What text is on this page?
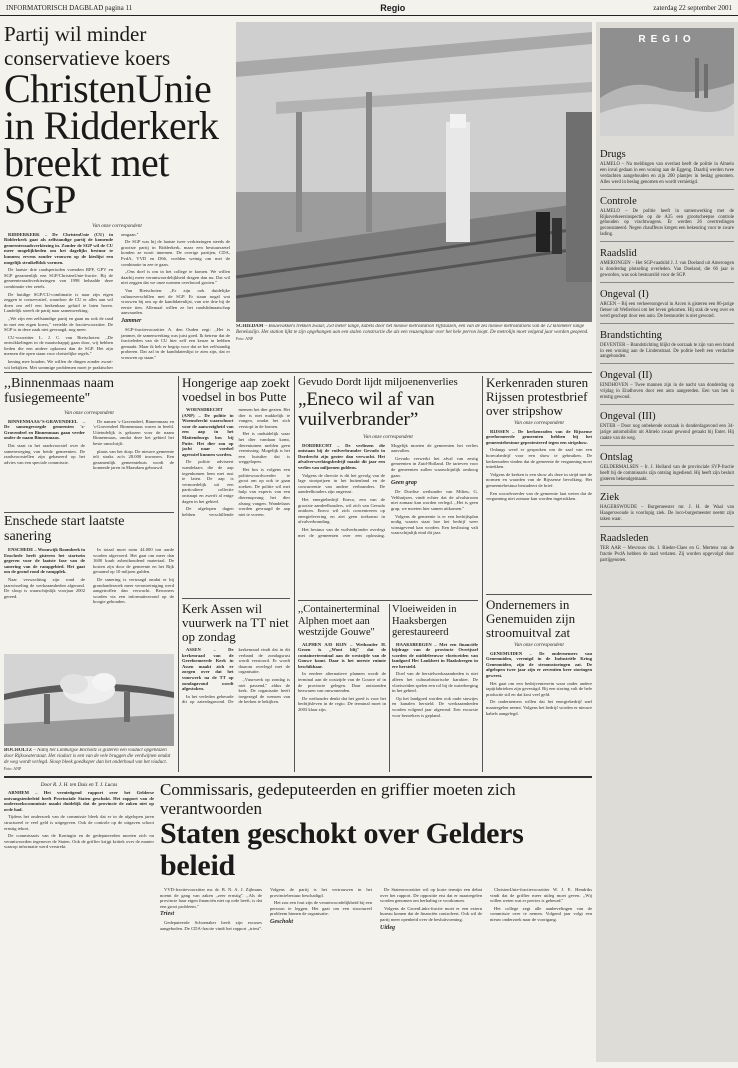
INFORMATORISCH DAGBLAD pagina 11	Regio	zaterdag 22 september 2001
Partij wil minder conservatieve koers
ChristenUnie
in Ridderkerk
breekt met SGP
Van onze correspondent

RIDDERKERK – De ChristenUnie (CU) in Ridderkerk gaat als zelfstandige partij de komende gemeenteraadsverkiezing in. Zonder de SGP wil de CU meer mogelijkheden om het dagelijks bestuur te kunnen; ervens zonder vrouwen op de kieslijst een mogelijk struikelblok vormen.

De laatste drie raadsperioden vormden RPF, GPV en SGP gezamenlijk een SGP/ChristenUnie-fractie. Bij de gemeenteraadsverkiezingen van 1998 behaalde deze combinatie vier zetels.

De huidige SGP/CU-combinatie is naar zijn eigen zeggen te conservatief, waardoor de CU er alles aan wil doen om zelf een herkenbaar geluid te laten horen. Landelijk streeft de partij naar samenwerking.

,,We zijn een zelfstandige partij en gaan nu ook de raad in met een eigen koers,'' vertelde de fractievoorzitter. De SGP is in deze zaak niet gevraagd, nog meer.

CU-voorzitter L. J. C. van Rietschoten: ,,De ontwikkelingen in de maatschappij gaan door, wij hebben lieden die een andere opkomst dan de SGP. Het zijn mensen die open staan voor christelijke regels.''

kening mee houden. We willen de dingen zonder zwart-wit bekijken. Met sommige problemen moet je praktischer omgaan.''

De SGP was bij de laatste twee verkiezingen steeds de grootste partij in Ridderkerk, maar een bestuurszetel konden ze nooit innemen. De overige partijen, CDA, PvdA, VVD en D66, voelden weinig om met de combinatie in zee te gaan.

,,Ons doel is om in het college te komen. We willen daarbij meer verantwoordelijkheid dragen dan nu. Dat wil niet zeggen dat we onze normen overboord gooien.''

Van Rietschoten: ,,Er zijn ook duidelijke cultuurverschillen met de SGP. Er staan nogal wat vrouwen bij ons op de kandidatenlijst, van wie drie bij de eerste tien. Allemaal willen ze het raadslidmaatschap aanvaarden.

Jammer

SGP-fractievoorzitter A. den Ouden zegt: ,,Het is jammer, de samenwerking was juist goed. Ik betreur dat de fractieleden van de CU hier zelf een keuze in hebben gemaakt. Maar ik heb er begrip voor dat ze het zelfstandig proberen. Dat zal in de kandidatenlijst te zien zijn, dat er vrouwen op staan.''

SCHIEDAM – Bouwvakkers trekken zwaar, 250 meter lange, kabels door het nieuwe metrostation Vijfsluizen, een van de zes nieuwe metrostations van de 12 kilometer lange Beneluxlijn. Het station lijkt te zijn opgehangen aan een stalen constructie die als een reuzengitaar over het hele perron loopt. De metrolijn moet volgend jaar worden geopend. Foto: ANP
,,Binnenmaas naam fusiegemeente''
Van onze correspondent

BINNENMAAS/'S-GRAVENDEEL – De samengevoegde gemeenten 's-Gravendeel en Binnenmaas gaan verder onder de naam Binnenmaas.

Dat staat in het raadsvoorstel over de samenvoeging van beide gemeenten. De raadsvoorstellen zijn gebaseerd op het advies van een speciale commissie.

De namen 's-Gravendeel, Binnenmaas en 's-Gravendeel Binnenmaas waren in beeld. Uiteindelijk is gekozen voor de naam Binnenmaas, omdat deze het gebied het beste omschrijft.

plaats van het dorp. De nieuwe gemeente telt straks zo'n 28.000 inwoners. Een gezamenlijk gemeentehuis wordt de komende jaren in Maasdam gebouwd.

Enschede start laatste sanering

ENSCHEDE – Woonwijk Roombeek in Enschede heeft gisteren het startsein gegeven voor de laatste fase van de sanering van de rampgebied. Het gaat om de grond rond de rampplek.

Naar verwachting zijn rond de jaarwisseling de werkzaamheden afgerond. De sloop is waarschijnlijk voorjaar 2002 gereed.

In totaal moet ruim 44.000 ton aarde worden afgevoerd. Het gaat om meer dan 1600 kuub asbesthoudend materiaal. De kosten zijn door de gemeente en het Rijk geraamd op 10 miljoen gulden.

De sanering is vertraagd omdat er bij grondonderzoek meer verontreiniging werd aangetroffen dan verwacht. Bewoners worden via een informatieavond op de hoogte gehouden.

BOCHOLTZ – Nabij het Limburgse Bocholtz is gisteren een viaduct opgeblazen door Rijkswaterstaat. Het viaduct is een van de vele bruggen die verdwijnen omdat de weg wordt verlegd. Sloop bleek goedkoper dan het onderhoud van het viaduct. Foto: ANP
Hongerige aap zoekt voedsel in bos Putte

WOENSDRECHT (ANP) – De politie in Woensdrecht waarschuwt voor de aanwezigheid van een aap in het Mattemburgs bos bij Putte. Het dier zou op jacht naar voedsel agressief kunnen worden.

De politie adviseert wandelaars die de aap tegenkomen hem met rust te laten. De aap is vermoedelijk uit een particuliere collectie ontsnapt en zwerft al enige dagen in het gebied.

De afgelopen dagen hebben verschillende mensen het dier gezien. Het dier is niet makkelijk te vangen, omdat het zich verstopt in de bomen.

Het is onduidelijk waar het dier vandaan komt, dierentuinen melden geen vermissing. Mogelijk is het een huisdier dat is weggelopen.

Het bos is volgens een politiewoordvoerder te groot om op ook te gaan zoeken. De politie wil met hulp van experts van een dierenopvang het dier alsnog vangen. Wandelaars worden gevraagd de aap niet te voeren.

Kerk Assen wil vuurwerk na TT niet op zondag

ASSEN – De kerkenraad van de Gereformeerde Kerk in Assen maakt zich er zorgen over dat het vuurwerk na de TT op zondagavond wordt afgestoken.

In het verleden gebeurde dit op zaterdagavond. De kerkenraad vindt dat in dit verband de zondagsrust wordt verstoord. Er wordt daarom overlegd met de organisatie.

,,Vuurwerk op zondag is niet passend,'' aldus de kerk. De organisatie heeft toegezegd de wensen van de kerken te bekijken.

Gevudo Dordt lijdt miljoenenverlies
„Eneco wil af van vuilverbrander”
Van onze correspondent

DORDRECHT – De verliezen die ontstaan bij de vuilverbrander Gevudo in Dordrecht zijn groter dan verwacht. Het afvalverwerkingsbedrijf maakt dit jaar een verlies van miljoenen guldens.

Volgens de directie is dit het gevolg van de lage stortprijzen in het buitenland en de concurrentie van andere verbranders. De aandeelhouders zijn ongerust.

Het energiebedrijf Eneco, een van de grootste aandeelhouders, wil zich van Gevudo ontdoen. Eneco wil zich concentreren op energielevering en ziet geen toekomst in afvalverbranding.

Het bestuur van de vuilverbrander overlegt met de gemeenten over een oplossing. Mogelijk moeten de gemeenten het verlies aanvullen.

Gevudo verwerkt het afval van zestig gemeenten in Zuid-Holland. De tarieven voor de gemeenten zullen waarschijnlijk omhoog gaan.

Geen grap

De Dordtse wethouder van Milieu, G. Velthuijsen, vindt echter dat de afvalstroom niet zomaar kan worden verlegd. ,,Het is geen grap, we moeten hier samen uitkomen.''

Volgens de gemeente is er een bedrijfsplan nodig waarin staat hoe het bedrijf weer winstgevend kan worden. Een beslissing valt waarschijnlijk eind dit jaar.

,,Containerterminal Alphen moet aan westzijde Gouwe''

ALPHEN A/D RIJN – Wethouder H. Groen is ,,Wont blij'' dat de containerterminal aan de westzijde van de Gouwe komt. Daar is het meeste ruimte beschikbaar.

In eerdere alternatieve plannen wordt de terminal aan de oostzijde van de Gouwe of in de provincie gelegen. Daar ontstonden bezwaren van omwonenden.

De wethouder denkt dat het goed is voor het bedrijfsleven in de regio. De terminal moet in 2003 klaar zijn.

Vloeiweiden in Haaksbergen gerestaureerd

HAAKSBERGEN – Met een financiële bijdrage van de provincie Overijssel worden de middeleeuwse vloeiweiden van landgoed Het Lankheet in Haaksbergen in ere hersteld.

Doel van de herstelwerkzaamheden is niet alleen het cultuurhistorische karakter. De vloeiweiden spelen een rol bij de waterberging in het gebied.

Op het landgoed worden ook oude stuwtjes en kanalen hersteld. De werkzaamheden worden volgend jaar afgerond. Een excursie voor bezoekers is gepland.

Kerkenraden sturen Rijssen protestbrief over stripshow
Van onze correspondent

RIJSSEN – De kerkenraden van de Rijssense gereformeerde gemeenten hebben bij het gemeentebestuur geprotesteerd tegen een stripshow.

Onlangs werd er gesproken om de zaal van een horecabedrijf voor een show te gebruiken. De kerkenraden vinden dat de gemeente de vergunning moet intrekken.

Volgens de kerken is een show als deze in strijd met de normen en waarden van de Rijssense bevolking. Het gemeentebestuur bestudeert de brief.

Een woordvoerder van de gemeente laat weten dat de vergunning niet zomaar kan worden ingetrokken.

Ondernemers in Genemuiden zijn stroomuitval zat
Van onze correspondent

GENEMUIDEN – De ondernemers van Genemuiden, verenigd in de Industriële Kring Genemuiden, zijn de stroomstoringen zat. De afgelopen twee jaar zijn er zeventien keer storingen geweest.

Het gaat om een bedrijventerrein waar onder andere tapijtfabrieken zijn gevestigd. Bij een storing valt de hele productie stil en dat kost veel geld.

De ondernemers willen dat het energiebedrijf snel maatregelen neemt. Volgens het bedrijf worden er nieuwe kabels aangelegd.

Door R. J. H. ten Duis en T. J. Lucas

ARNHEM – Het vernietigend rapport over het Gelderse ontvangstenbeleid heeft Provinciale Staten geschokt. Het rapport van de onderzoekscommissie maakt duidelijk dat de provincie de zaken niet op orde had.

Tijdens het onderzoek van de commissie bleek dat er in de afgelopen jaren structureel te veel geld is uitgegeven. Ook de controle op de uitgaven schoot ernstig tekort.

De commissaris van de Koningin en de gedeputeerden moeten zich nu verantwoorden tegenover de Staten. Ook de griffier krijgt kritiek over de manier waarop informatie werd verstrekt.

Commissaris, gedeputeerden en griffier moeten zich verantwoorden
Staten geschokt over Gelders beleid

VVD-fractievoorzitter mr. dr. B. N. A. J. Zijlmans noemt de gang van zaken ,,zeer ernstig''. ,,Als de provincie haar eigen financiën niet op orde heeft, is dat een groot probleem.''

Triest

Gedeputeerde Schoenaker heeft zijn excuses aangeboden. De CDA-fractie vindt het rapport ,,triest''. Volgens de partij is het vertrouwen in het provinciebestuur beschadigd.

Het zou een fout zijn de verantwoordelijkheid bij een persoon te leggen. Het gaat om een structureel probleem binnen de organisatie.

Geschokt

De Statenvoorzitter wil op korte termijn een debat over het rapport. De oppositie eist dat er maatregelen worden genomen om herhaling te voorkomen.

Volgens de GroenLinks-fractie moet er een extern bureau komen dat de financiën controleert. Ook wil de partij meer openheid over de besluitvorming.

Uitleg

ChristenUnie-fractievoorzitter W. J. E. Hendriks vindt dat de griffier meer uitleg moet geven. ,,Wij willen weten wat er precies is gebeurd.''

Het college zegt alle aanbevelingen van de commissie over te nemen. Volgend jaar volgt een nieuw onderzoek naar de voortgang.

REGIO
Drugs
ALMELO – Na meldingen van overlast heeft de politie in Almelo een inval gedaan in een woning aan de Eggeng. Daarbij werden twee verdachten aangehouden en zijn 200 plantjes in beslag genomen. Alles werd in beslag genomen en wordt vernietigd.
Controle
ALMELO – De politie heeft in samenwerking met de Rijksverkeersinspectie op de A35 een grootscheepse controle gehouden op vrachtwagens. Er werden 26 overtredingen geconstateerd. Negen chauffeurs kregen een bekeuring voor te zware lading.
Raadslid
AMERONGEN – Het SGP-raadslid J. J. van Doeland uit Amerongen is donderdag plotseling overleden. Van Doeland, die 66 jaar is geworden, was ook bestuurslid voor de SGP.
Ongeval (I)
ARCEN – Bij een verkeersongeval in Arcen is gisteren een 86-jarige fietser uit Wellerlooi om het leven gekomen. Hij stak de weg over en werd geschept door een auto. De bestuurder is niet gewond.
Brandstichting
DEVENTER – Brandstichting blijkt de oorzaak te zijn van een brand in een woning aan de Lindenstraat. De politie heeft een verdachte aangehouden.
Ongeval (II)
EINDHOVEN – Twee mannen zijn in de nacht van donderdag op vrijdag in Eindhoven door een auto aangereden. Een van hen is ernstig gewond.
Ongeval (III)
ENTER – Door nog onbekende oorzaak is donderdagavond een 34-jarige automobilist uit Almelo zwaar gewond geraakt bij Enter. Hij raakte van de weg.
Ontslag
GELDERMALSEN – Ir. J. Holland van de provinciale SVP-fractie heeft bij de commissaris zijn ontslag ingediend. Hij heeft zijn besluit gisteren bekendgemaakt.
Ziek
HAGERSWOUDE – Burgemeester mr. J. H. de Waal van Haagerswoude is voorlopig ziek. De loco-burgemeester neemt zijn taken waar.
Raadsleden
TER AAR – Mevrouw drs. I. Rieder-Claes en G. Mertens van de fractie PvdA hebben de raad verlaten. Zij worden opgevolgd door partijgenoten.
